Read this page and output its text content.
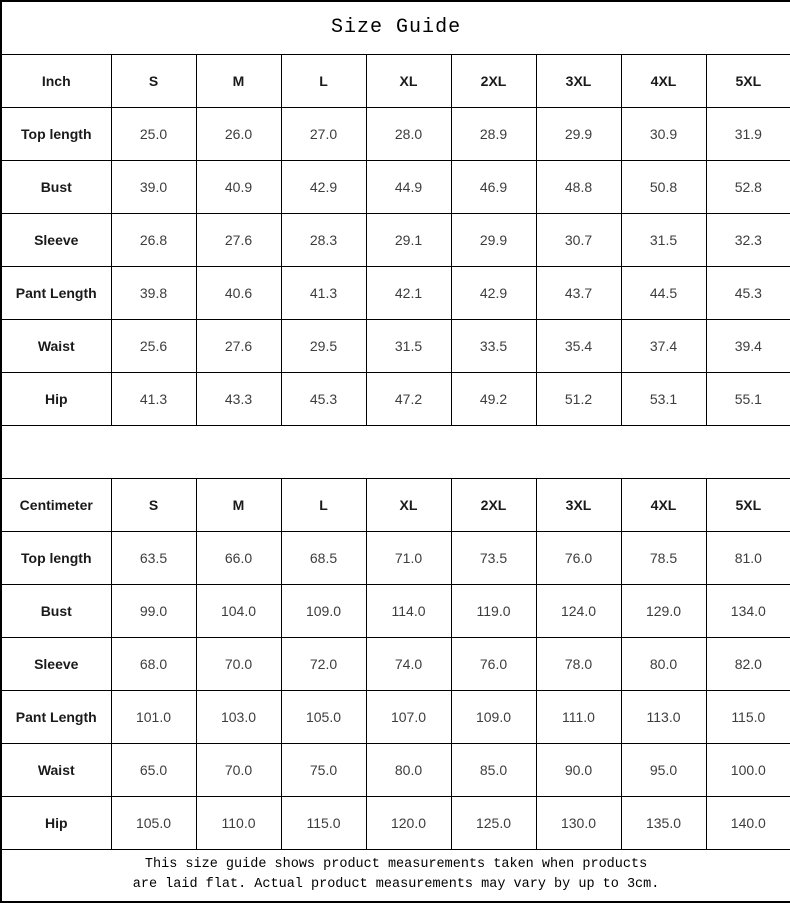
Size Guide								
Inch	S	M	L	XL	2XL	3XL	4XL	5XL
Top length	25.0	26.0	27.0	28.0	28.9	29.9	30.9	31.9
Bust	39.0	40.9	42.9	44.9	46.9	48.8	50.8	52.8
Sleeve	26.8	27.6	28.3	29.1	29.9	30.7	31.5	32.3
Pant Length	39.8	40.6	41.3	42.1	42.9	43.7	44.5	45.3
Waist	25.6	27.6	29.5	31.5	33.5	35.4	37.4	39.4
Hip	41.3	43.3	45.3	47.2	49.2	51.2	53.1	55.1

Centimeter	S	M	L	XL	2XL	3XL	4XL	5XL
Top length	63.5	66.0	68.5	71.0	73.5	76.0	78.5	81.0
Bust	99.0	104.0	109.0	114.0	119.0	124.0	129.0	134.0
Sleeve	68.0	70.0	72.0	74.0	76.0	78.0	80.0	82.0
Pant Length	101.0	103.0	105.0	107.0	109.0	111.0	113.0	115.0
Waist	65.0	70.0	75.0	80.0	85.0	90.0	95.0	100.0
Hip	105.0	110.0	115.0	120.0	125.0	130.0	135.0	140.0

This size guide shows product measurements taken when products
are laid flat. Actual product measurements may vary by up to 3cm.								
